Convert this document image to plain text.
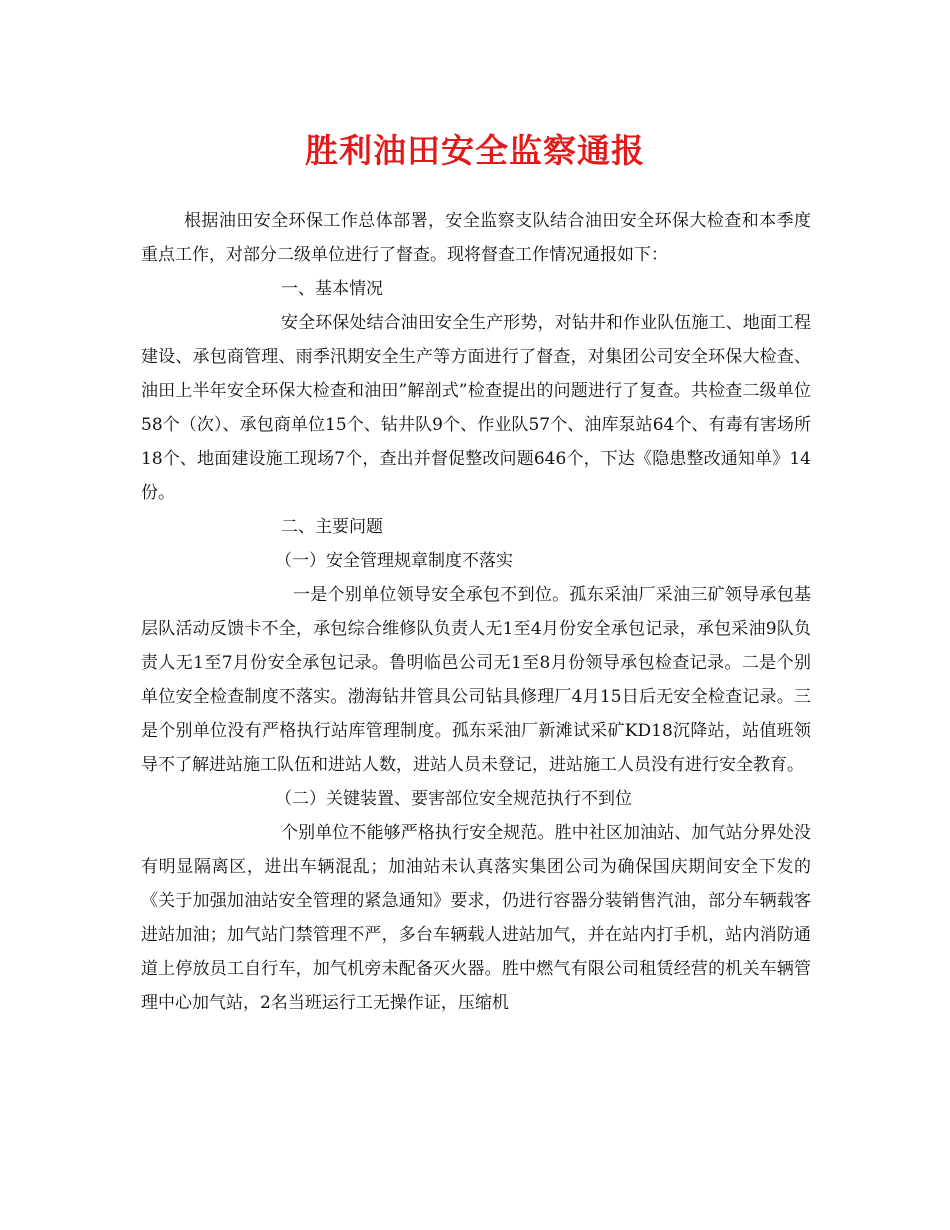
胜利油田安全监察通报

根据油田安全环保工作总体部署，安全监察支队结合油田安全环保大检查和本季度重点工作，对部分二级单位进行了督查。现将督查工作情况通报如下：

一、基本情况

安全环保处结合油田安全生产形势，对钻井和作业队伍施工、地面工程建设、承包商管理、雨季汛期安全生产等方面进行了督查，对集团公司安全环保大检查、油田上半年安全环保大检查和油田”解剖式”检查提出的问题进行了复查。共检查二级单位58个（次）、承包商单位15个、钻井队9个、作业队57个、油库泵站64个、有毒有害场所18个、地面建设施工现场7个，查出并督促整改问题646个，下达《隐患整改通知单》14份。

二、主要问题

（一）安全管理规章制度不落实

一是个别单位领导安全承包不到位。孤东采油厂采油三矿领导承包基层队活动反馈卡不全，承包综合维修队负责人无1至4月份安全承包记录，承包采油9队负责人无1至7月份安全承包记录。鲁明临邑公司无1至8月份领导承包检查记录。二是个别单位安全检查制度不落实。渤海钻井管具公司钻具修理厂4月15日后无安全检查记录。三是个别单位没有严格执行站库管理制度。孤东采油厂新滩试采矿KD18沉降站，站值班领导不了解进站施工队伍和进站人数，进站人员未登记，进站施工人员没有进行安全教育。

（二）关键装置、要害部位安全规范执行不到位

个别单位不能够严格执行安全规范。胜中社区加油站、加气站分界处没有明显隔离区，进出车辆混乱；加油站未认真落实集团公司为确保国庆期间安全下发的《关于加强加油站安全管理的紧急通知》要求，仍进行容器分装销售汽油，部分车辆载客进站加油；加气站门禁管理不严，多台车辆载人进站加气，并在站内打手机，站内消防通道上停放员工自行车，加气机旁未配备灭火器。胜中燃气有限公司租赁经营的机关车辆管理中心加气站，2名当班运行工无操作证，压缩机
